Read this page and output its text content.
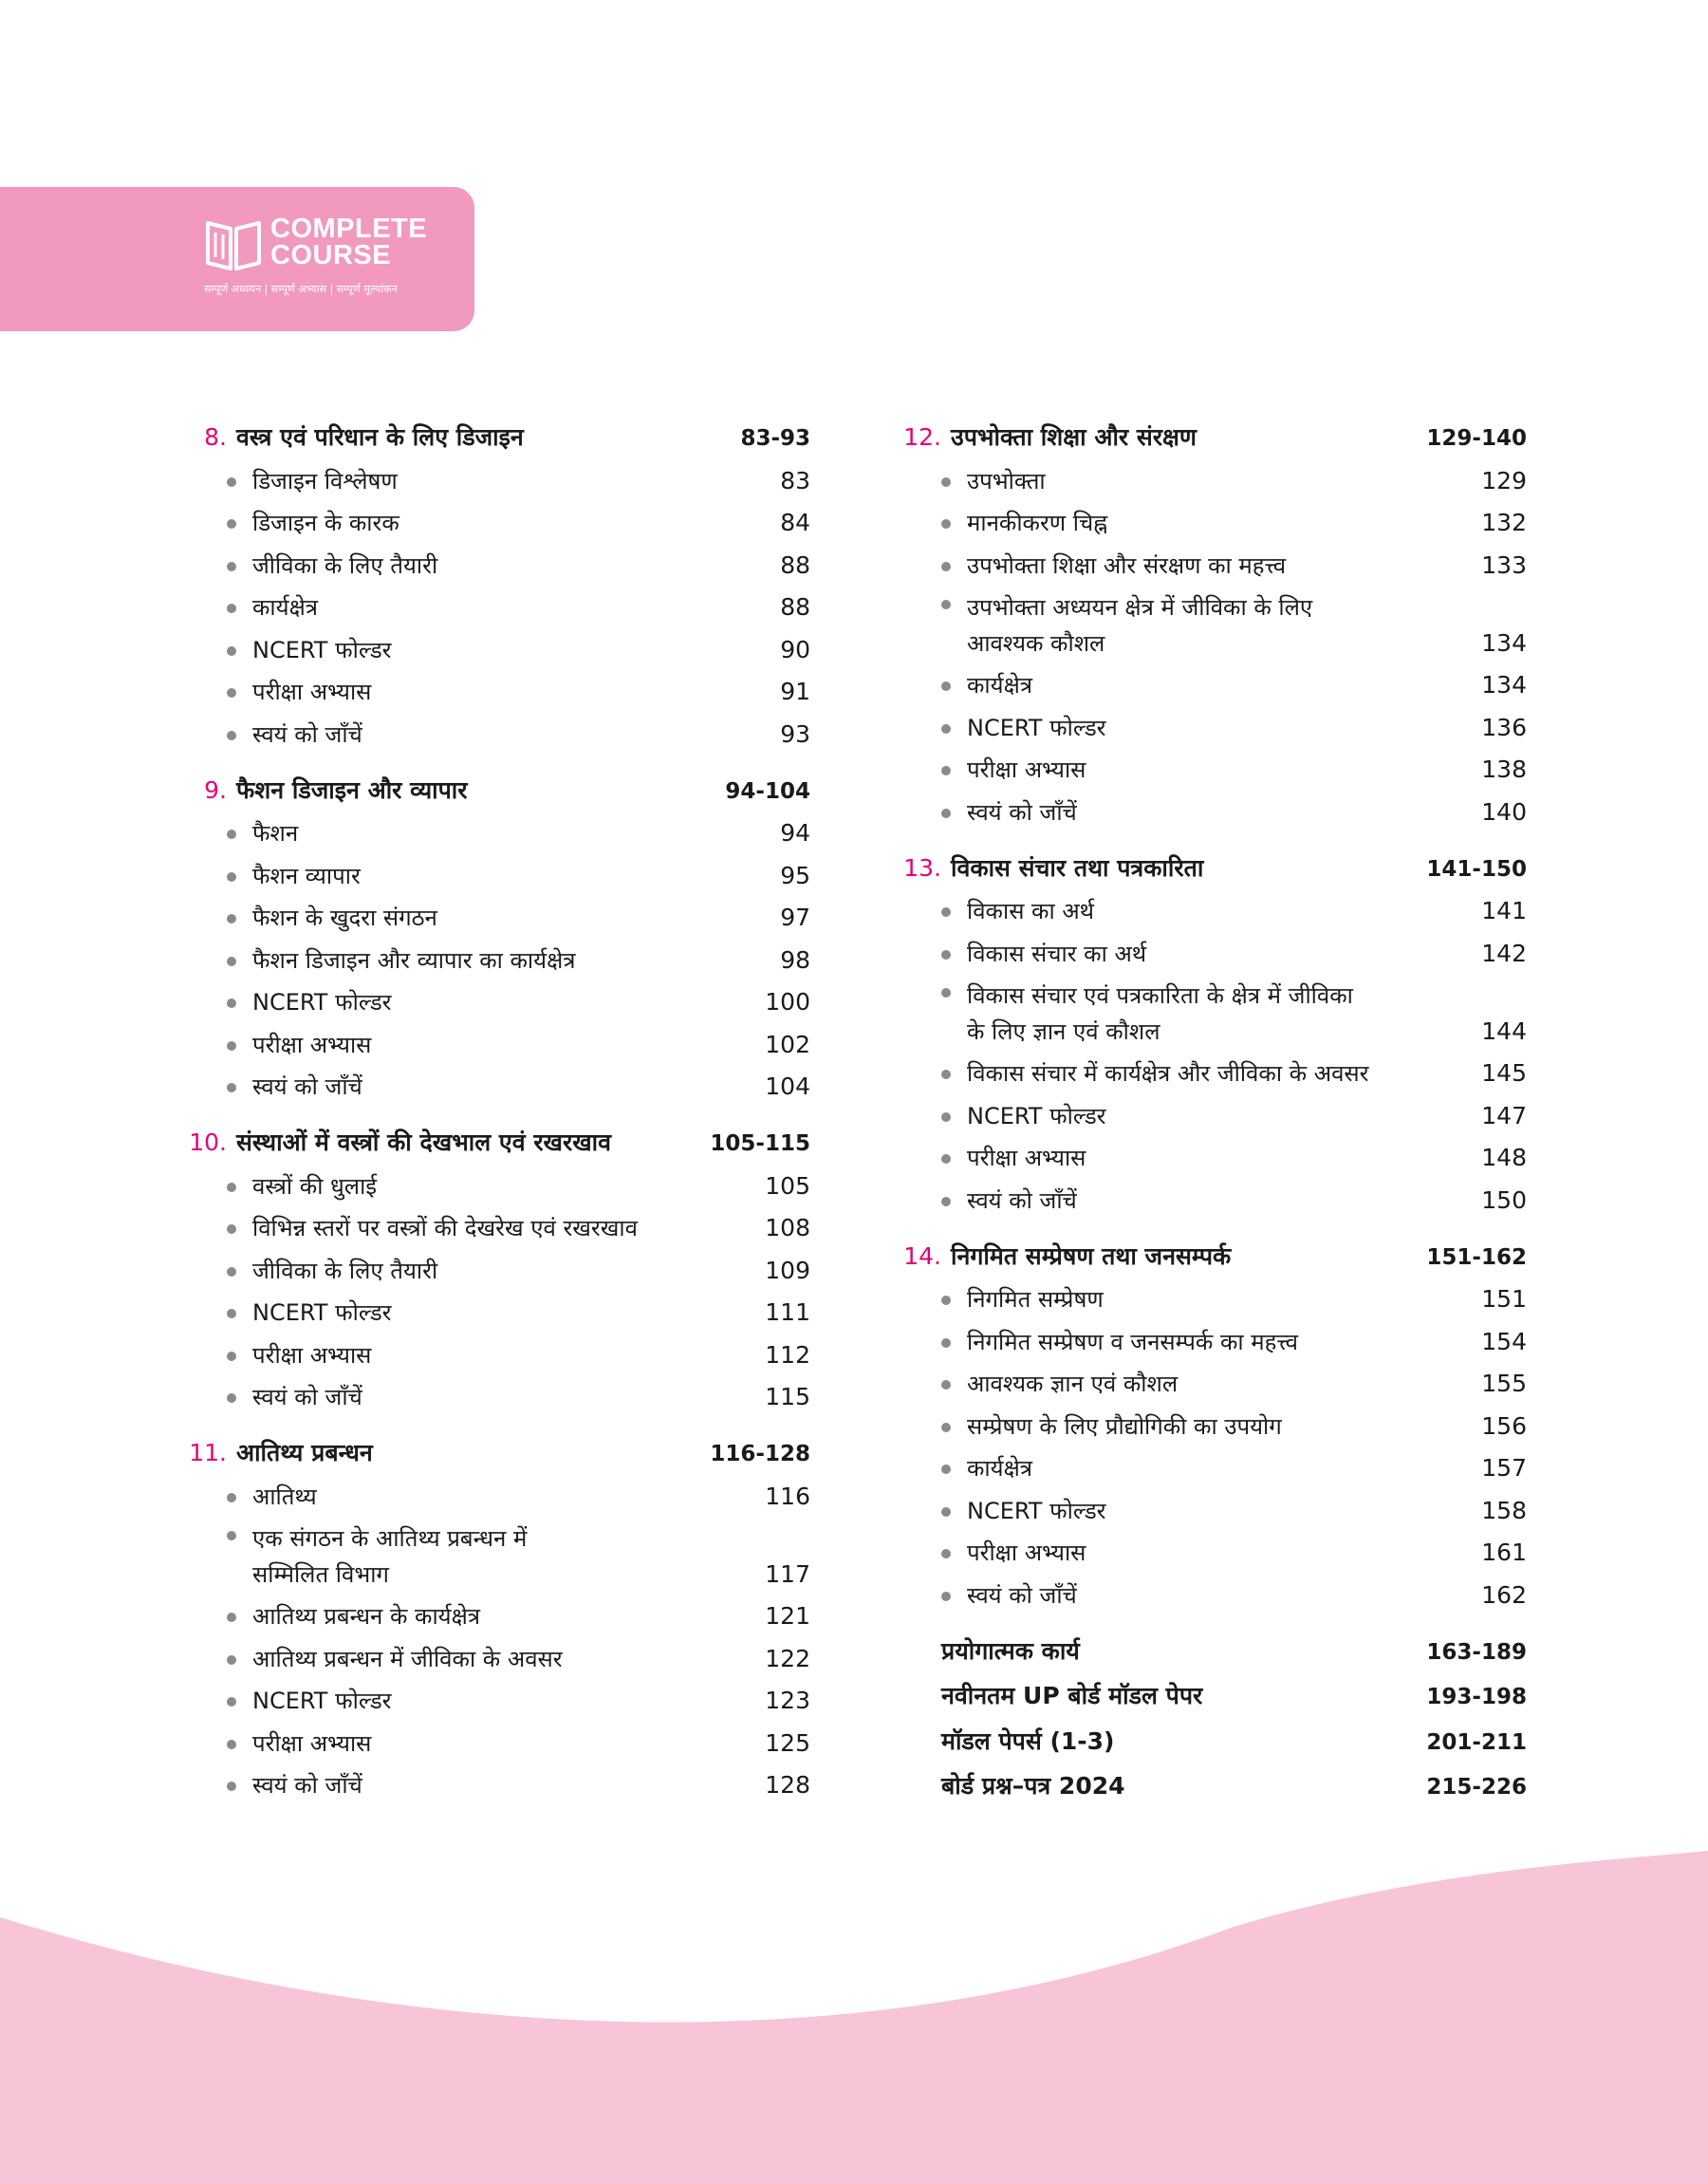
COMPLETE
COURSE
सम्पूर्ण अध्ययन | सम्पूर्ण अभ्यास | सम्पूर्ण मूल्यांकन
8. वस्त्र एवं परिधान के लिए डिजाइन	83-93
डिजाइन विश्लेषण	83
डिजाइन के कारक	84
जीविका के लिए तैयारी	88
कार्यक्षेत्र	88
NCERT फोल्डर	90
परीक्षा अभ्यास	91
स्वयं को जाँचें	93
9. फैशन डिजाइन और व्यापार	94-104
फैशन	94
फैशन व्यापार	95
फैशन के खुदरा संगठन	97
फैशन डिजाइन और व्यापार का कार्यक्षेत्र	98
NCERT फोल्डर	100
परीक्षा अभ्यास	102
स्वयं को जाँचें	104
10. संस्थाओं में वस्त्रों की देखभाल एवं रखरखाव	105-115
वस्त्रों की धुलाई	105
विभिन्न स्तरों पर वस्त्रों की देखरेख एवं रखरखाव	108
जीविका के लिए तैयारी	109
NCERT फोल्डर	111
परीक्षा अभ्यास	112
स्वयं को जाँचें	115
11. आतिथ्य प्रबन्धन	116-128
आतिथ्य	116
एक संगठन के आतिथ्य प्रबन्धन में
सम्मिलित विभाग	117
आतिथ्य प्रबन्धन के कार्यक्षेत्र	121
आतिथ्य प्रबन्धन में जीविका के अवसर	122
NCERT फोल्डर	123
परीक्षा अभ्यास	125
स्वयं को जाँचें	128
12. उपभोक्ता शिक्षा और संरक्षण	129-140
उपभोक्ता	129
मानकीकरण चिह्न	132
उपभोक्ता शिक्षा और संरक्षण का महत्त्व	133
उपभोक्ता अध्ययन क्षेत्र में जीविका के लिए
आवश्यक कौशल	134
कार्यक्षेत्र	134
NCERT फोल्डर	136
परीक्षा अभ्यास	138
स्वयं को जाँचें	140
13. विकास संचार तथा पत्रकारिता	141-150
विकास का अर्थ	141
विकास संचार का अर्थ	142
विकास संचार एवं पत्रकारिता के क्षेत्र में जीविका
के लिए ज्ञान एवं कौशल	144
विकास संचार में कार्यक्षेत्र और जीविका के अवसर	145
NCERT फोल्डर	147
परीक्षा अभ्यास	148
स्वयं को जाँचें	150
14. निगमित सम्प्रेषण तथा जनसम्पर्क	151-162
निगमित सम्प्रेषण	151
निगमित सम्प्रेषण व जनसम्पर्क का महत्त्व	154
आवश्यक ज्ञान एवं कौशल	155
सम्प्रेषण के लिए प्रौद्योगिकी का उपयोग	156
कार्यक्षेत्र	157
NCERT फोल्डर	158
परीक्षा अभ्यास	161
स्वयं को जाँचें	162
प्रयोगात्मक कार्य	163-189
नवीनतम UP बोर्ड मॉडल पेपर	193-198
मॉडल पेपर्स (1-3)	201-211
बोर्ड प्रश्न–पत्र 2024	215-226
